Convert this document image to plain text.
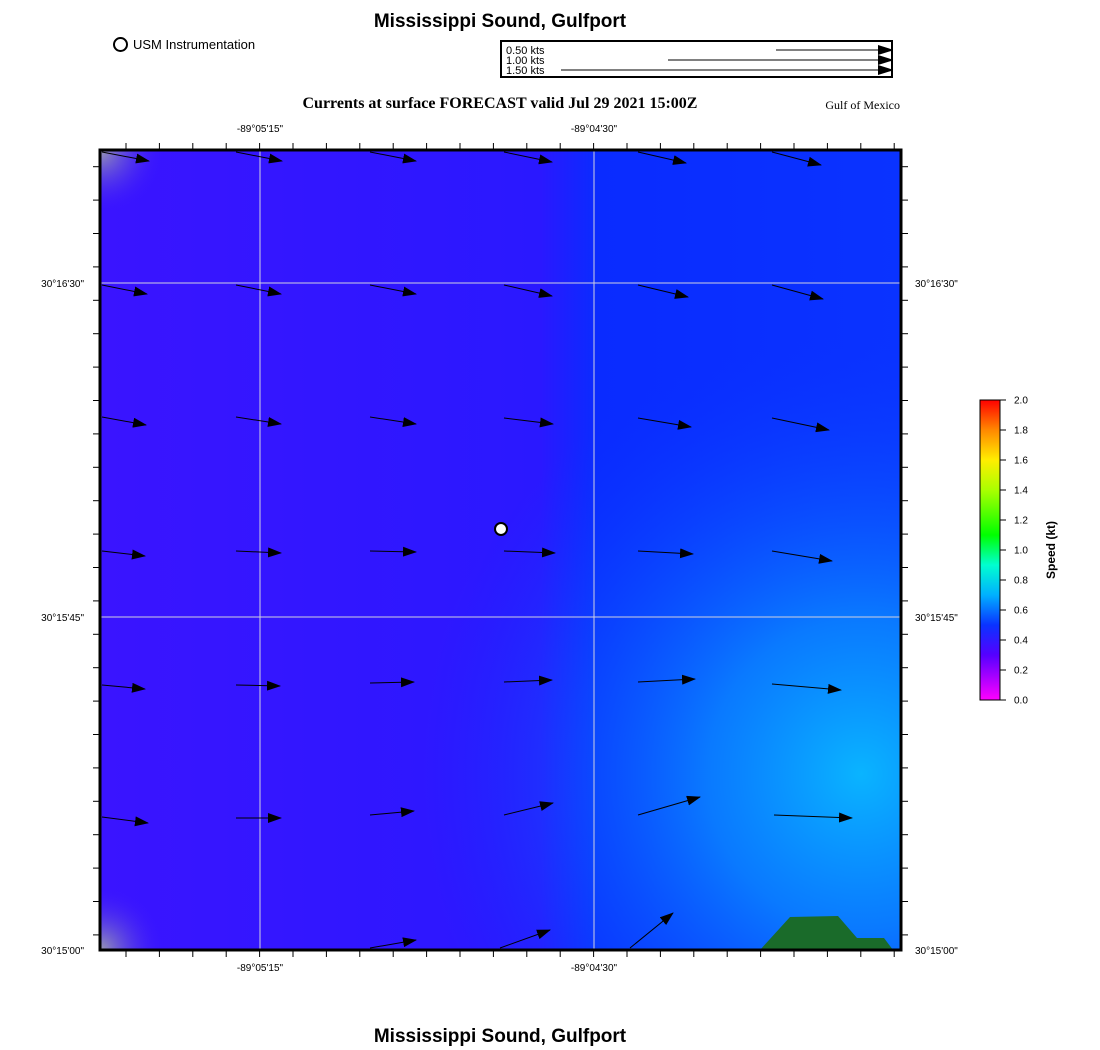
Mississippi Sound, Gulfport
USM Instrumentation	0.50 kts
1.00 kts
1.50 kts
Currents at surface FORECAST valid Jul 29 2021 15:00Z	Gulf of Mexico
-89°05'15"	-89°04'30"
-89°05'15"	-89°04'30"
30°16'30"
30°15'45"
30°15'00"
30°16'30"
30°15'45"
30°15'00"
2.0
1.8
1.6
1.4
1.2
1.0
0.8
0.6
0.4
0.2
0.0
Speed (kt)
Mississippi Sound, Gulfport
